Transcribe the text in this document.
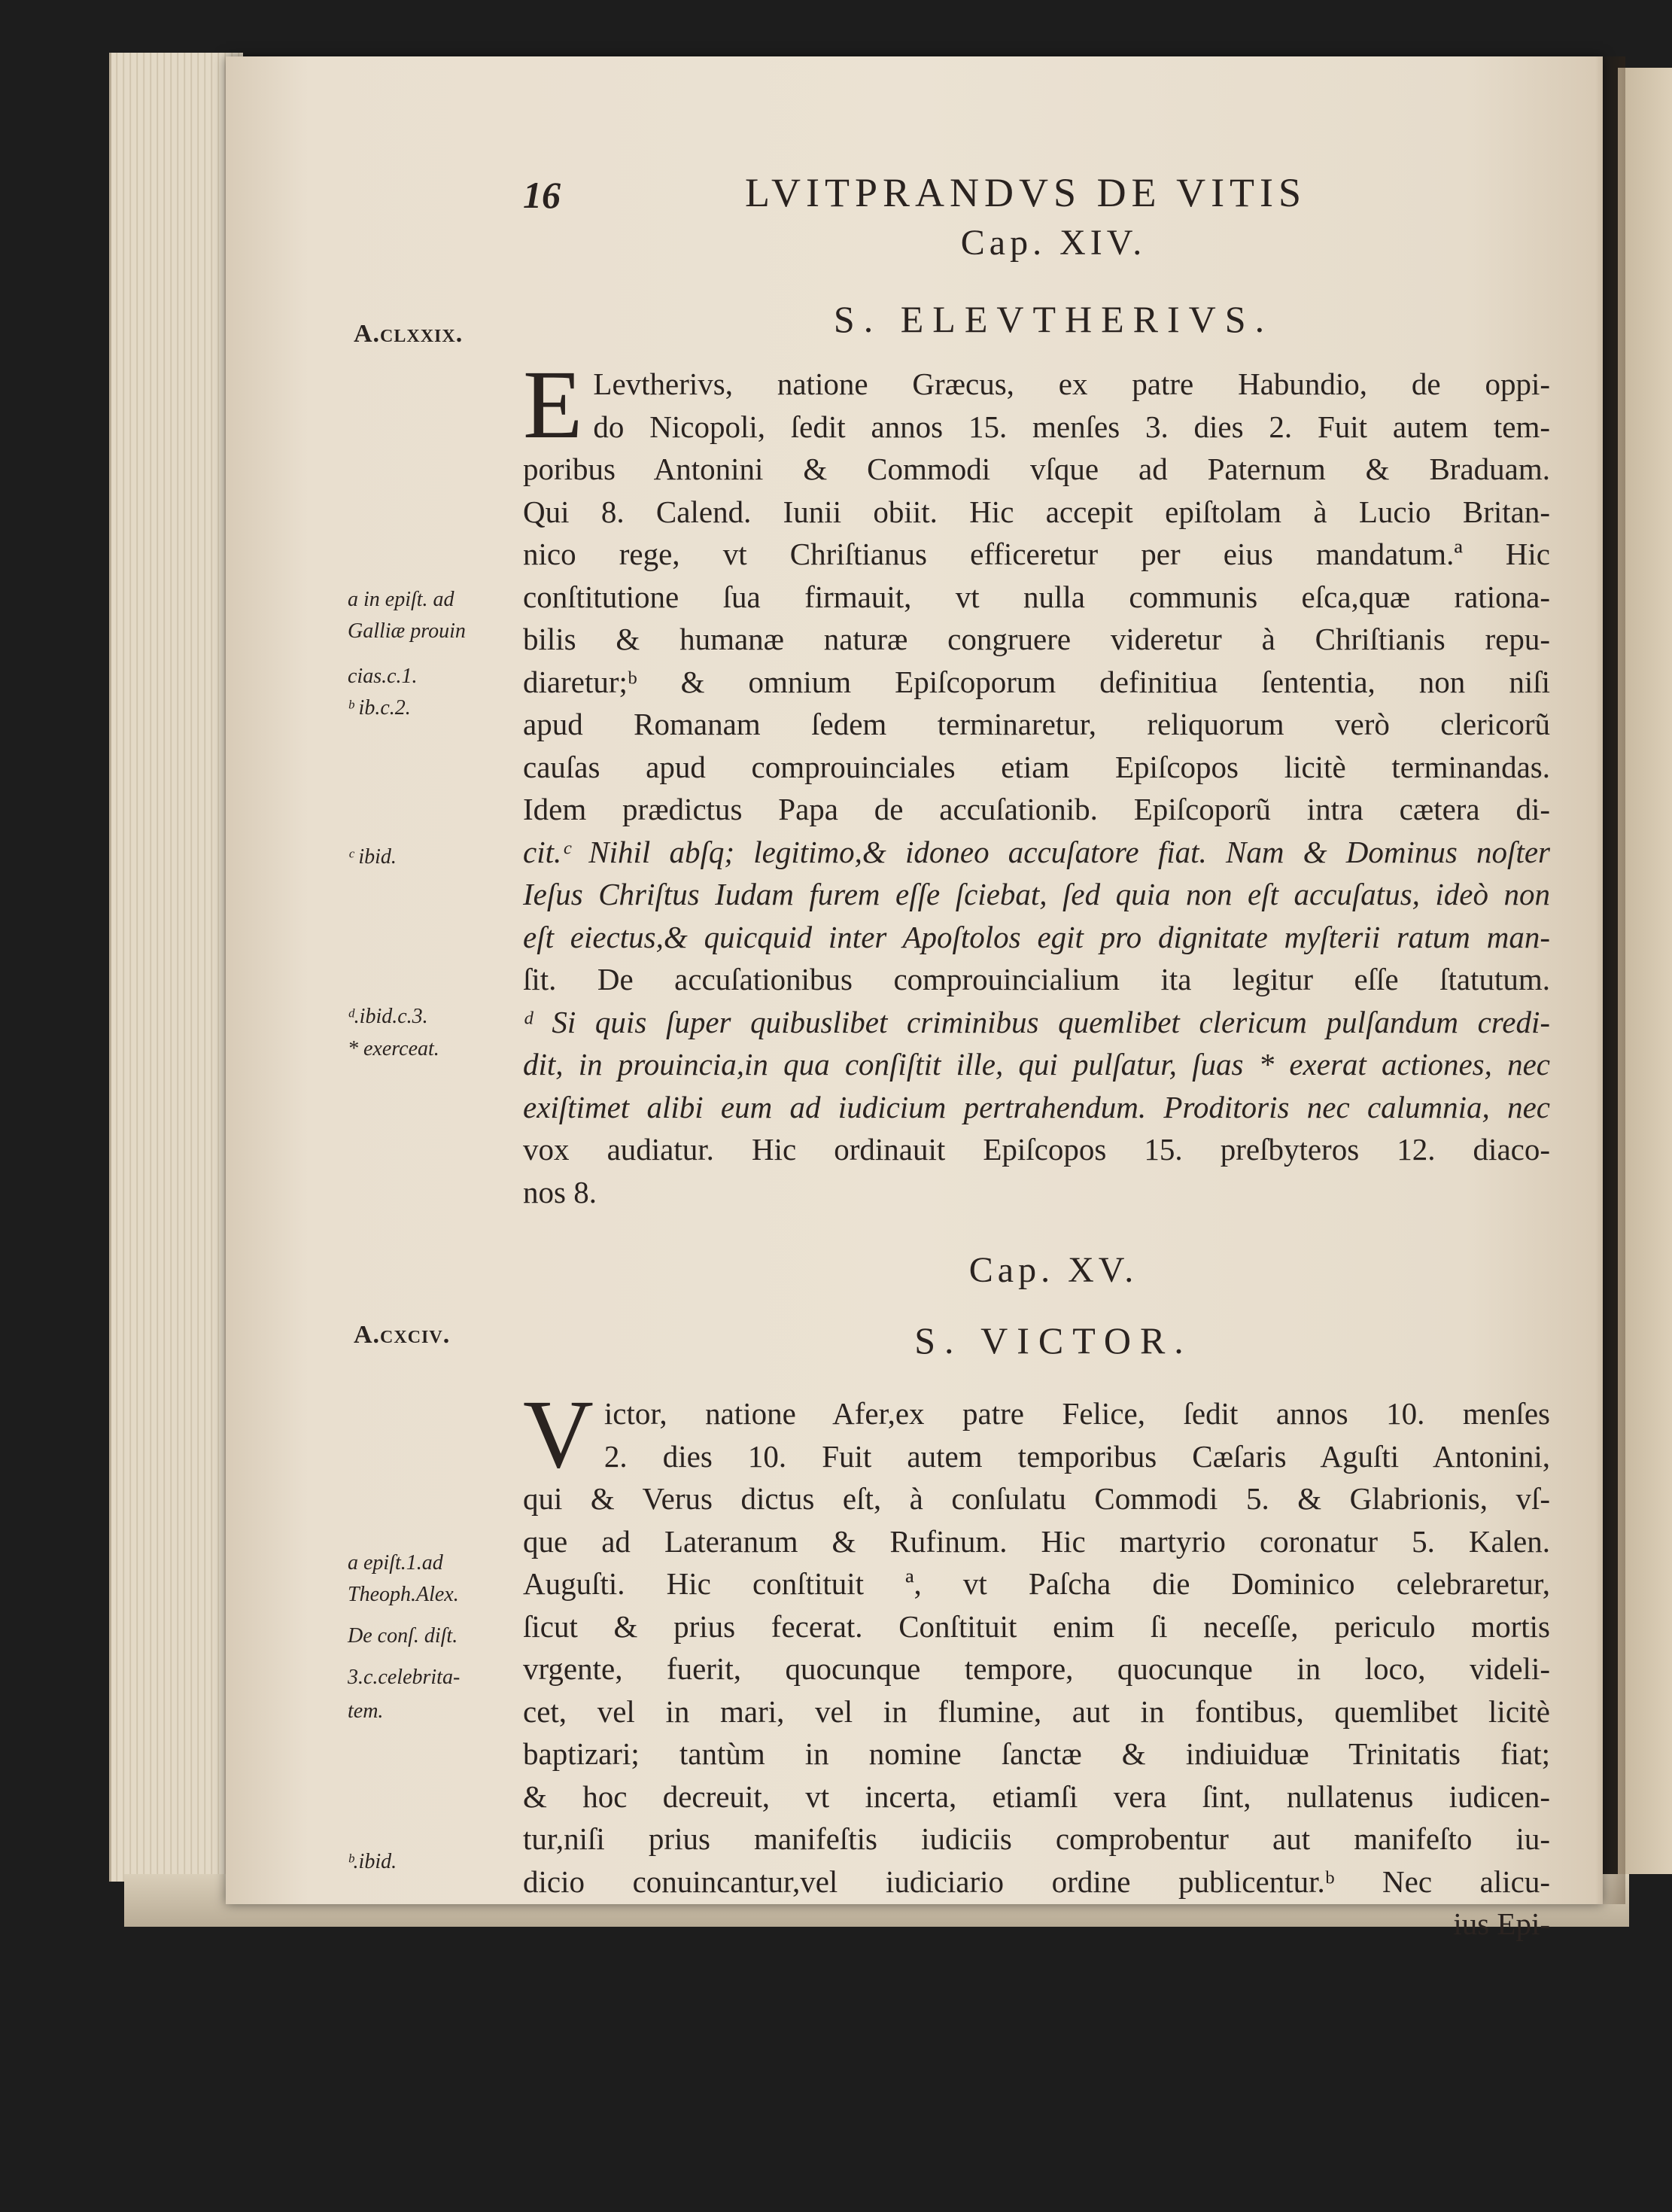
16	LVITPRANDVS DE VITIS
Cap. XIV.
S. ELEVTHERIVS.
A.clxxix.
E Levtherivs, natione Græcus, ex patre Habundio, de oppi-
do Nicopoli, ſedit annos 15. menſes 3. dies 2. Fuit autem tem-
poribus Antonini & Commodi vſque ad Paternum & Braduam.
Qui 8. Calend. Iunii obiit. Hic accepit epiſtolam à Lucio Britan-
nico rege, vt Chriſtianus efficeretur per eius mandatum.ª Hic
conſtitutione ſua firmauit, vt nulla communis eſca,quæ rationa-
bilis & humanæ naturæ congruere videretur à Chriſtianis repu-
diaretur;ᵇ & omnium Epiſcoporum definitiua ſententia, non niſi
apud Romanam ſedem terminaretur, reliquorum verò clericorũ
cauſas apud comprouinciales etiam Epiſcopos licitè terminandas.
Idem prædictus Papa de accuſationib. Epiſcoporũ intra cætera di-
cit.ᶜ Nihil abſq; legitimo,& idoneo accuſatore fiat. Nam & Dominus noſter
Ieſus Chriſtus Iudam furem eſſe ſciebat, ſed quia non eſt accuſatus, ideò non
eſt eiectus,& quicquid inter Apoſtolos egit pro dignitate myſterii ratum man-
ſit. De accuſationibus comprouincialium ita legitur eſſe ſtatutum.
ᵈ Si quis ſuper quibuslibet criminibus quemlibet clericum pulſandum credi-
dit, in prouincia,in qua conſiſtit ille, qui pulſatur, ſuas * exerat actiones, nec
exiſtimet alibi eum ad iudicium pertrahendum. Proditoris nec calumnia, nec
vox audiatur. Hic ordinauit Epiſcopos 15. preſbyteros 12. diaco-
nos 8.
a in epiſt. ad
Galliæ prouin
cias.c.1.
ᵇ ib.c.2.
ᶜ ibid.
ᵈ.ibid.c.3.
* exerceat.
Cap. XV.
S. VICTOR.
A.cxciv.
V ictor, natione Afer,ex patre Felice, ſedit annos 10. menſes
2. dies 10. Fuit autem temporibus Cæſaris Aguſti Antonini,
qui & Verus dictus eſt, à conſulatu Commodi 5. & Glabrionis, vſ-
que ad Lateranum & Rufinum. Hic martyrio coronatur 5. Kalen.
Auguſti. Hic conſtituit ª, vt Paſcha die Dominico celebraretur,
ſicut & prius fecerat. Conſtituit enim ſi neceſſe, periculo mortis
vrgente, fuerit, quocunque tempore, quocunque in loco, videli-
cet, vel in mari, vel in flumine, aut in fontibus, quemlibet licitè
baptizari; tantùm in nomine ſanctæ & indiuiduæ Trinitatis fiat;
& hoc decreuit, vt incerta, etiamſi vera ſint, nullatenus iudicen-
tur,niſi prius manifeſtis iudiciis comprobentur aut manifeſto iu-
dicio conuincantur,vel iudiciario ordine publicentur.ᵇ Nec alicu-
ius Epi-
a epiſt.1.ad
Theoph.Alex.
De conſ. diſt.
3.c.celebrita-
tem.
ᵇ.ibid.
